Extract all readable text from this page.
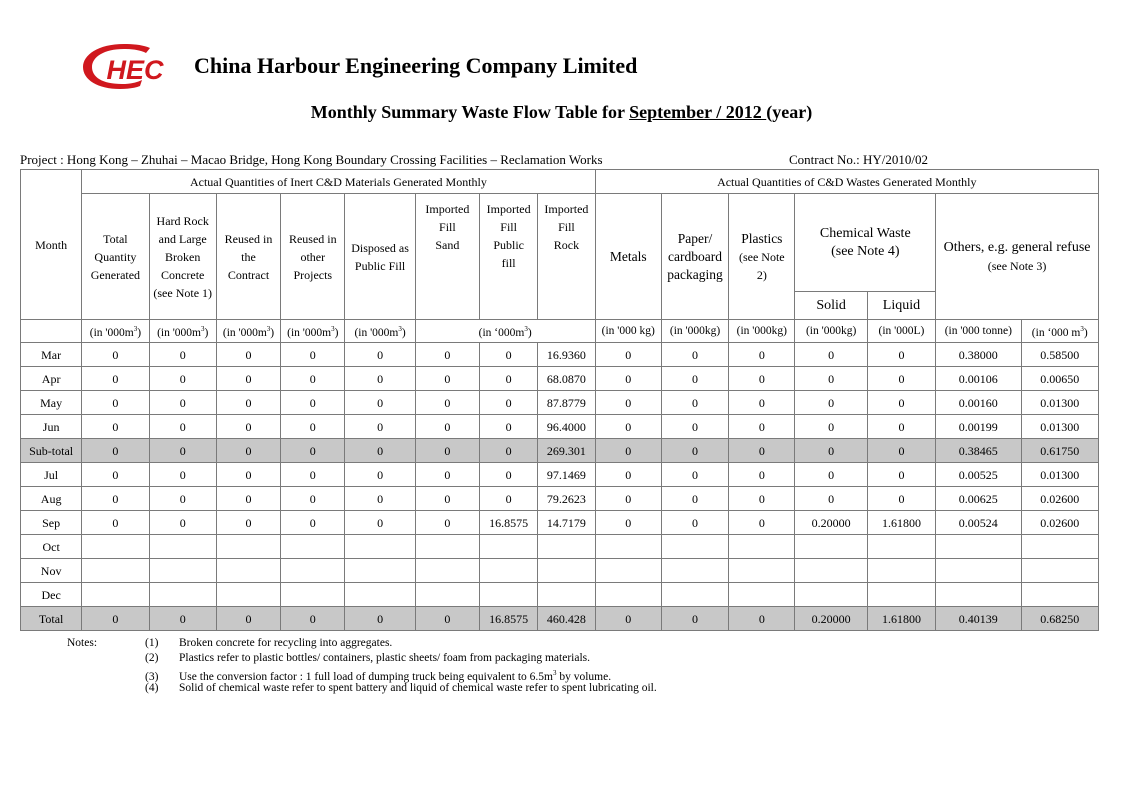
HEC China Harbour Engineering Company Limited
Monthly Summary Waste Flow Table for September / 2012 (year)
Project : Hong Kong – Zhuhai – Macao Bridge, Hong Kong Boundary Crossing Facilities – Reclamation Works	Contract No.: HY/2010/02
Month	Actual Quantities of Inert C&D Materials Generated Monthly								Actual Quantities of C&D Wastes Generated Monthly						
	Total
Quantity
Generated	Hard Rock
and Large
Broken
Concrete
(see Note 1)	Reused in
the
Contract	Reused in
other
Projects	Disposed as
Public Fill	Imported
Fill
Sand	Imported
Fill
Public
fill	Imported
Fill
Rock	Metals	Paper/
cardboard
packaging	Plastics
(see Note
2)	Chemical Waste
(see Note 4)		Others, e.g. general refuse
(see Note 3)	
												Solid	Liquid		
	(in '$000m^3$)	(in '$000m^3$)	(in '$000m^3$)	(in '$000m^3$)	(in '$000m^3$)	(in ‘$000m^3$)			(in '000 kg)	(in '000kg)	(in '000kg)	(in '000kg)	(in '000L)	(in '000 tonne)	(in ‘000 $m^3$)
Mar	0	0	0	0	0	0	0	16.9360	0	0	0	0	0	0.38000	0.58500
Apr	0	0	0	0	0	0	0	68.0870	0	0	0	0	0	0.00106	0.00650
May	0	0	0	0	0	0	0	87.8779	0	0	0	0	0	0.00160	0.01300
Jun	0	0	0	0	0	0	0	96.4000	0	0	0	0	0	0.00199	0.01300
Sub-total	0	0	0	0	0	0	0	269.301	0	0	0	0	0	0.38465	0.61750
Jul	0	0	0	0	0	0	0	97.1469	0	0	0	0	0	0.00525	0.01300
Aug	0	0	0	0	0	0	0	79.2623	0	0	0	0	0	0.00625	0.02600
Sep	0	0	0	0	0	0	16.8575	14.7179	0	0	0	0.20000	1.61800	0.00524	0.02600
Oct															
Nov															
Dec															
Total	0	0	0	0	0	0	16.8575	460.428	0	0	0	0.20000	1.61800	0.40139	0.68250
Notes:	(1) Broken concrete for recycling into aggregates.
(2) Plastics refer to plastic bottles/ containers, plastic sheets/ foam from packaging materials.
(3) Use the conversion factor : 1 full load of dumping truck being equivalent to $6.5m^3$ by volume.
(4) Solid of chemical waste refer to spent battery and liquid of chemical waste refer to spent lubricating oil.
